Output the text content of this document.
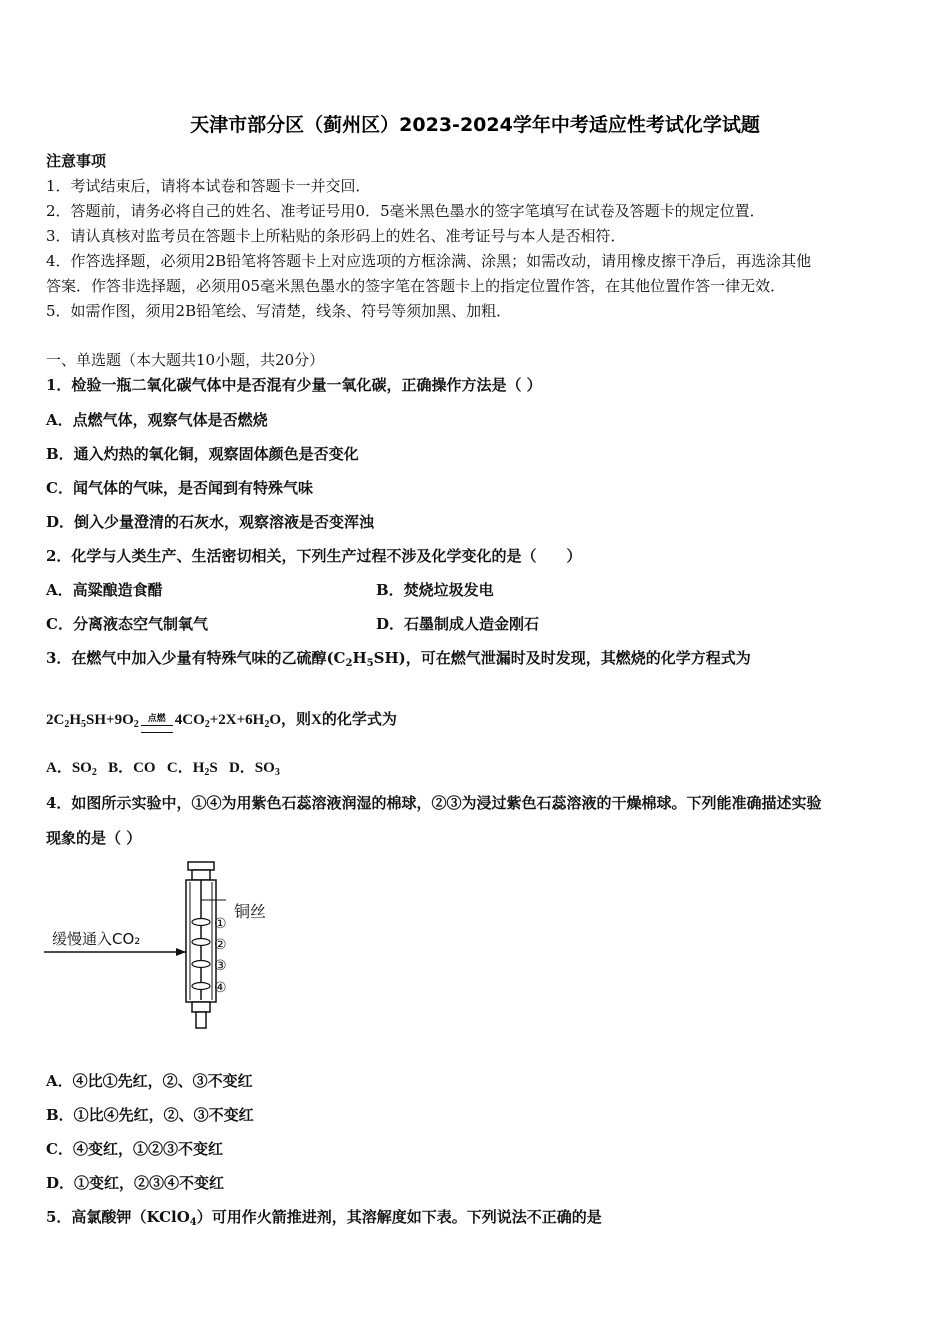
天津市部分区（蓟州区）2023-2024学年中考适应性考试化学试题
注意事项
1．考试结束后，请将本试卷和答题卡一并交回．
2．答题前，请务必将自己的姓名、准考证号用0．5毫米黑色墨水的签字笔填写在试卷及答题卡的规定位置．
3．请认真核对监考员在答题卡上所粘贴的条形码上的姓名、准考证号与本人是否相符．
4．作答选择题，必须用2B铅笔将答题卡上对应选项的方框涂满、涂黑；如需改动，请用橡皮擦干净后，再选涂其他
答案．作答非选择题，必须用05毫米黑色墨水的签字笔在答题卡上的指定位置作答，在其他位置作答一律无效．
5．如需作图，须用2B铅笔绘、写清楚，线条、符号等须加黑、加粗．
一、单选题（本大题共10小题，共20分）
1．检验一瓶二氧化碳气体中是否混有少量一氧化碳，正确操作方法是（ ）
A．点燃气体，观察气体是否燃烧
B．通入灼热的氧化铜，观察固体颜色是否变化
C．闻气体的气味，是否闻到有特殊气味
D．倒入少量澄清的石灰水，观察溶液是否变浑浊
2．化学与人类生产、生活密切相关，下列生产过程不涉及化学变化的是（　　）
A．高粱酿造食醋	B．焚烧垃圾发电
C．分离液态空气制氧气	D．石墨制成人造金刚石
3．在燃气中加入少量有特殊气味的乙硫醇$(C_2H_5SH)$，可在燃气泄漏时及时发现，其燃烧的化学方程式为
$2C_2H_5SH+9O_2$
点燃 $4CO_2+2X+6H_2O$，则X的化学式为
A．$SO_2$ B．CO C．$H_2S$ D．$SO_3$
4．如图所示实验中，①④为用紫色石蕊溶液润湿的棉球，②③为浸过紫色石蕊溶液的干燥棉球。下列能准确描述实验
现象的是（ ）
缓慢通入CO₂
铜丝
①
②
③
④
A．④比①先红，②、③不变红
B．①比④先红，②、③不变红
C．④变红，①②③不变红
D．①变红，②③④不变红
5．高氯酸钾（KClO$_4$）可用作火箭推进剂，其溶解度如下表。下列说法不正确的是
